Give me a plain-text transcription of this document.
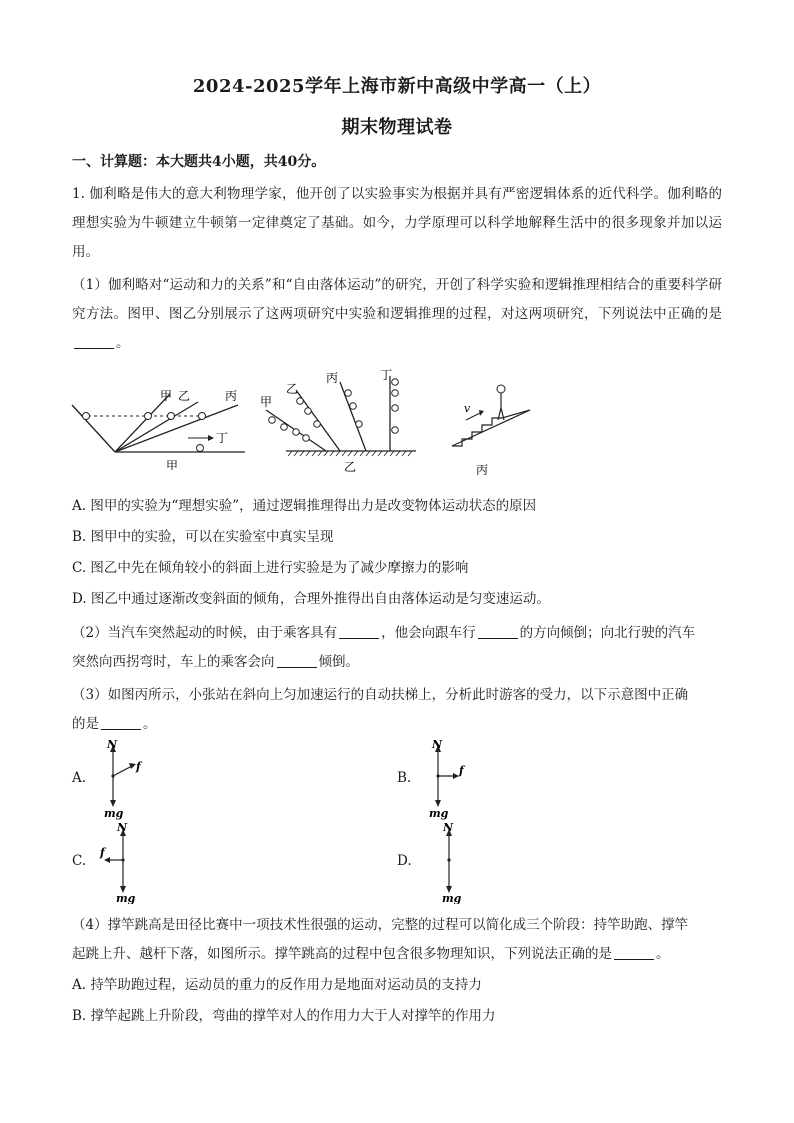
2024-2025学年上海市新中高级中学高一（上）
期末物理试卷
一、计算题：本大题共4小题，共40分。
1. 伽利略是伟大的意大利物理学家，他开创了以实验事实为根据并具有严密逻辑体系的近代科学。伽利略的理想实验为牛顿建立牛顿第一定律奠定了基础。如今，力学原理可以科学地解释生活中的很多现象并加以运用。
（1）伽利略对“运动和力的关系”和“自由落体运动”的研究，开创了科学实验和逻辑推理相结合的重要科学研究方法。图甲、图乙分别展示了这两项研究中实验和逻辑推理的过程，对这两项研究，下列说法中正确的是。
甲 乙	丙
丁
甲
甲
乙
丙	丁
乙
v
丙
A. 图甲的实验为“理想实验”，通过逻辑推理得出力是改变物体运动状态的原因
B. 图甲中的实验，可以在实验室中真实呈现
C. 图乙中先在倾角较小的斜面上进行实验是为了减少摩擦力的影响
D. 图乙中通过逐渐改变斜面的倾角，合理外推得出自由落体运动是匀变速运动。
（2）当汽车突然起动的时候，由于乘客具有	，他会向跟车行	的方向倾倒；向北行驶的汽车
突然向西拐弯时，车上的乘客会向	倾倒。
（3）如图丙所示，小张站在斜向上匀加速运行的自动扶梯上，分析此时游客的受力，以下示意图中正确
的是	。
A.
N
f
mg
B.
N
f
mg
C.
N
f
mg
D.
N
mg
（4）撑竿跳高是田径比赛中一项技术性很强的运动，完整的过程可以简化成三个阶段：持竿助跑、撑竿
起跳上升、越杆下落，如图所示。撑竿跳高的过程中包含很多物理知识，下列说法正确的是	。
A. 持竿助跑过程，运动员的重力的反作用力是地面对运动员的支持力
B. 撑竿起跳上升阶段，弯曲的撑竿对人的作用力大于人对撑竿的作用力
